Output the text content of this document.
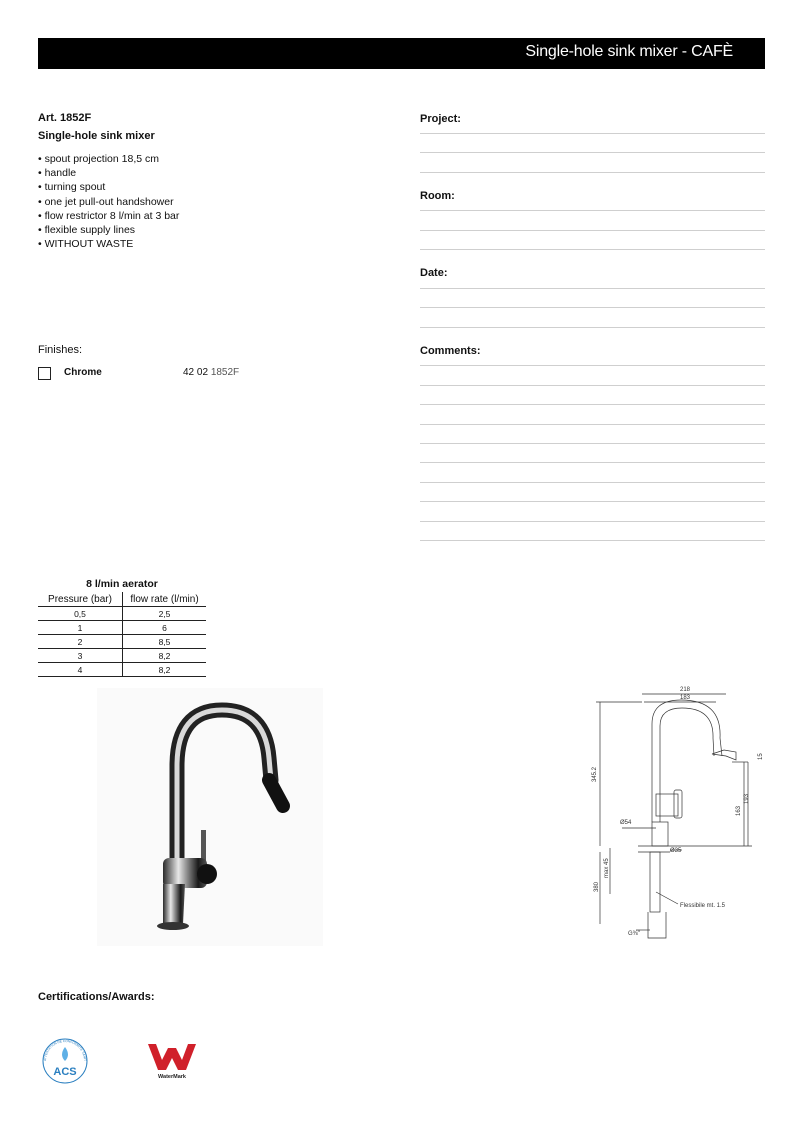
Single-hole sink mixer - CAFÈ
Art. 1852F
Single-hole sink mixer
• spout projection 18,5 cm
• handle
• turning spout
• one jet pull-out handshower
• flow restrictor 8 l/min at 3 bar
• flexible supply lines
• WITHOUT WASTE
Finishes:
Chrome	42 02 1852F
Project:
Room:
Date:
Comments:
8 l/min aerator
Pressure (bar)	flow rate (l/min)
0,5	2,5
1	6
2	8,5
3	8,2
4	8,2
218
183
345.2
163
193
15
Ø54
Ø35
max 45
380
Flessibile mt. 1.5
G⅜"
Certifications/Awards:
ATTESTATION DE CONFORMITE SANIT
ACS	WaterMark
